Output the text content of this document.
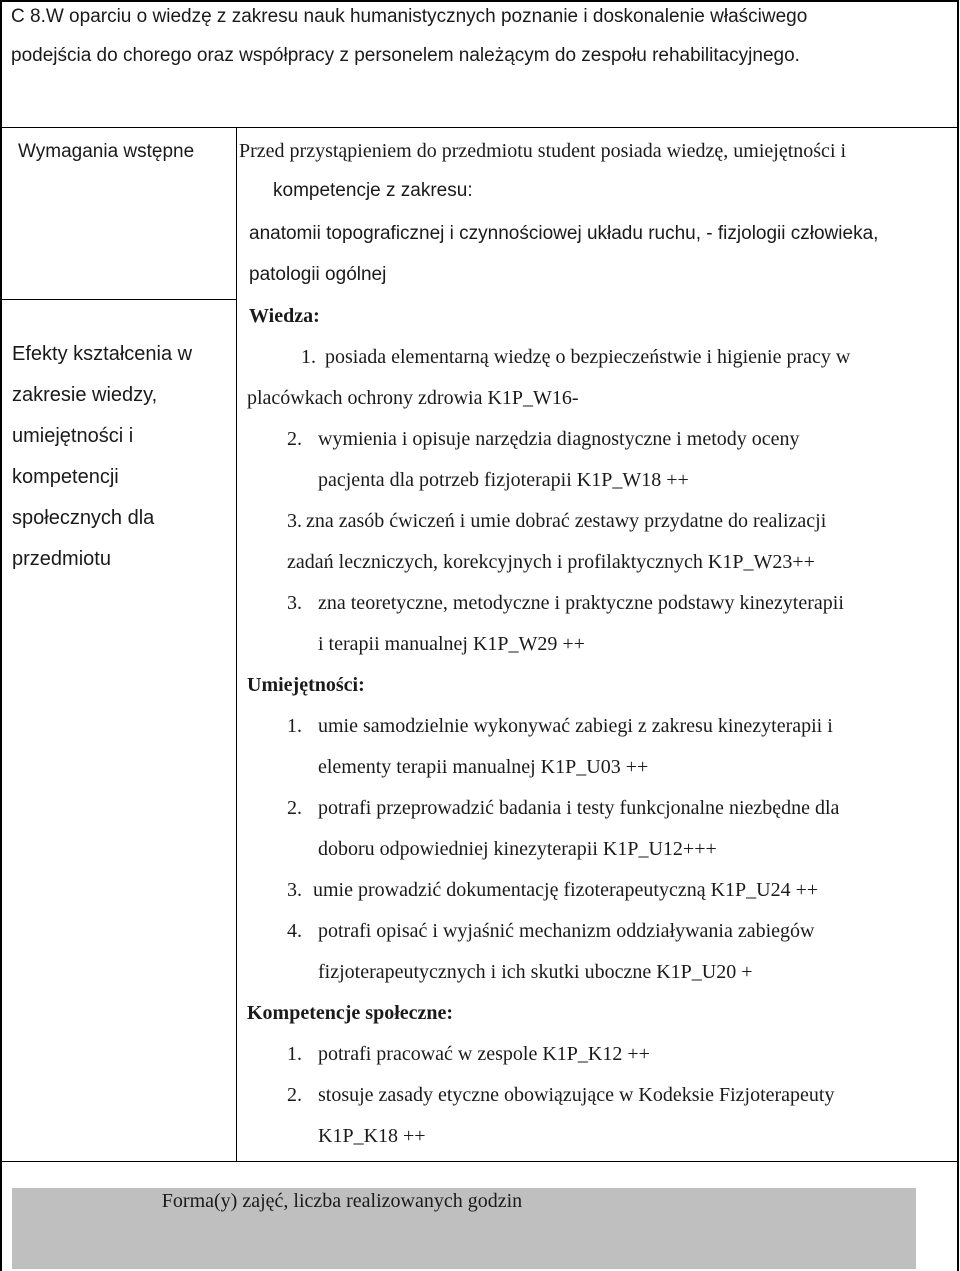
C 8.W oparciu o wiedzę z zakresu nauk humanistycznych poznanie i doskonalenie właściwego
podejścia do chorego oraz współpracy z personelem należącym do zespołu rehabilitacyjnego.
Wymagania wstępne Przed przystąpieniem do przedmiotu student posiada wiedzę, umiejętności i
kompetencje z zakresu:
anatomii topograficznej i czynnościowej układu ruchu, - fizjologii człowieka,
patologii ogólnej
Efekty kształcenia w
zakresie wiedzy,
umiejętności i
kompetencji
społecznych dla
przedmiotu
Wiedza:
1. posiada elementarną wiedzę o bezpieczeństwie i higienie pracy w
placówkach ochrony zdrowia K1P_W16-
2. wymienia i opisuje narzędzia diagnostyczne i metody oceny
pacjenta dla potrzeb fizjoterapii K1P_W18 ++
3. zna zasób ćwiczeń i umie dobrać zestawy przydatne do realizacji
zadań leczniczych, korekcyjnych i profilaktycznych K1P_W23++
3. zna teoretyczne, metodyczne i praktyczne podstawy kinezyterapii
i terapii manualnej K1P_W29 ++
Umiejętności:
1. umie samodzielnie wykonywać zabiegi z zakresu kinezyterapii i
elementy terapii manualnej K1P_U03 ++
2. potrafi przeprowadzić badania i testy funkcjonalne niezbędne dla
doboru odpowiedniej kinezyterapii K1P_U12+++
3. umie prowadzić dokumentację fizoterapeutyczną K1P_U24 ++
4. potrafi opisać i wyjaśnić mechanizm oddziaływania zabiegów
fizjoterapeutycznych i ich skutki uboczne K1P_U20 +
Kompetencje społeczne:
1. potrafi pracować w zespole K1P_K12 ++
2. stosuje zasady etyczne obowiązujące w Kodeksie Fizjoterapeuty
K1P_K18 ++
Forma(y) zajęć, liczba realizowanych godzin
